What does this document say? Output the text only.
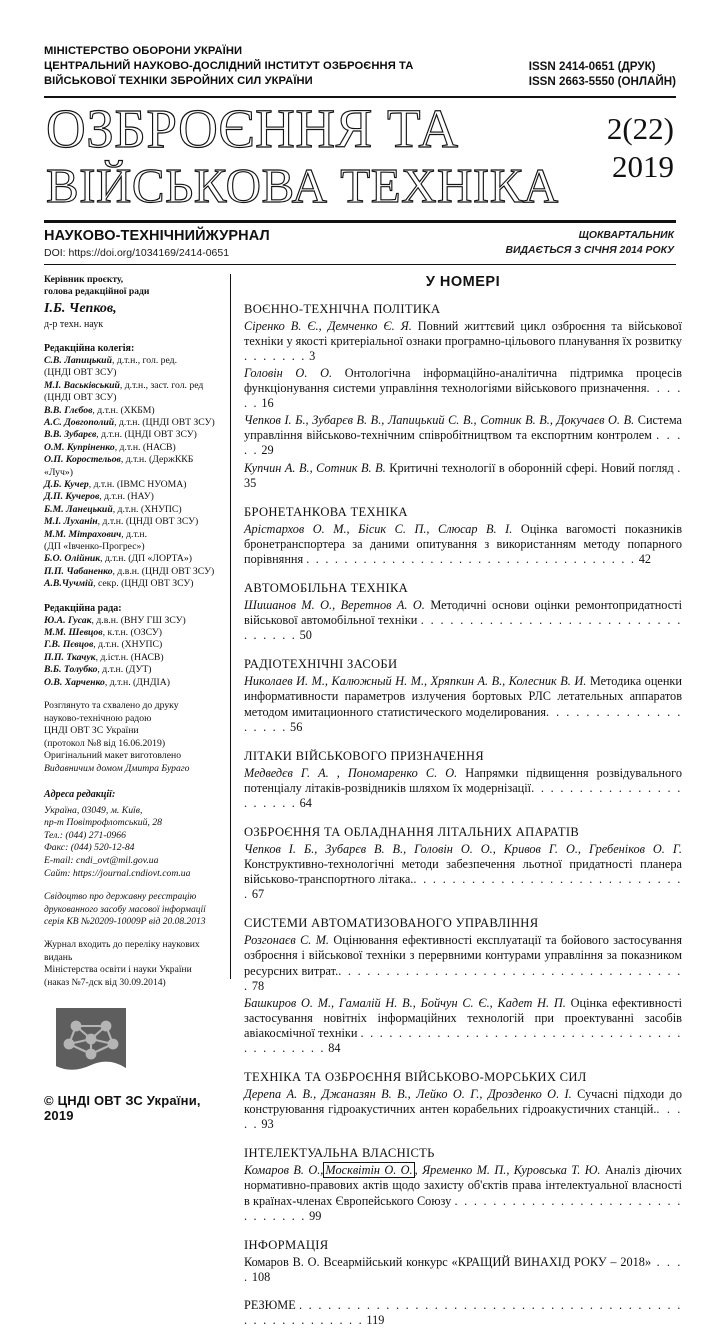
МІНІСТЕРСТВО ОБОРОНИ УКРАЇНИ
ЦЕНТРАЛЬНИЙ НАУКОВО-ДОСЛІДНИЙ ІНСТИТУТ ОЗБРОЄННЯ ТА
ВІЙСЬКОВОЇ ТЕХНІКИ ЗБРОЙНИХ СИЛ УКРАЇНИ
ISSN 2414-0651 (ДРУК)
ISSN 2663-5550 (ОНЛАЙН)
ОЗБРОЄННЯ ТА
ВІЙСЬКОВА ТЕХНІКА
2(22)
2019
НАУКОВО-ТЕХНІЧНИЙЖУРНАЛ
DOI: https://doi.org/1034169/2414-0651
ЩОКВАРТАЛЬНИК
ВИДАЄТЬСЯ З СІЧНЯ 2014 РОКУ
Керівник проєкту,
голова редакційної ради
І.Б. Чепков,
д-р техн. наук
Редакційна колегія:
С.В. Лапицький, д.т.н., гол. ред.
(ЦНДІ ОВТ ЗСУ)
М.І. Васьківський, д.т.н., заст. гол. ред
(ЦНДІ ОВТ ЗСУ)
В.В. Глєбов, д.т.н. (ХКБМ)
А.С. Довгополий, д.т.н. (ЦНДІ ОВТ ЗСУ)
В.В. Зубарєв, д.т.н. (ЦНДІ ОВТ ЗСУ)
О.М. Купріненко, д.т.н. (НАСВ)
О.П. Коростельов, д.т.н. (ДержККБ «Луч»)
Д.Б. Кучер, д.т.н. (ІВМС НУОМА)
Д.П. Кучеров, д.т.н. (НАУ)
Б.М. Ланецький, д.т.н. (ХНУПС)
М.І. Луханін, д.т.н. (ЦНДІ ОВТ ЗСУ)
М.М. Мітрахович, д.т.н.
(ДП «Івченко-Прогрес»)
Б.О. Олійник, д.т.н. (ДП «ЛОРТА»)
П.П. Чабаненко, д.в.н. (ЦНДІ ОВТ ЗСУ)
А.В.Чучмій, секр. (ЦНДІ ОВТ ЗСУ)
Редакційна рада:
Ю.А. Гусак, д.в.н. (ВНУ ГШ ЗСУ)
М.М. Шевцов, к.т.н. (ОЗСУ)
Г.В. Пєвцов, д.т.н. (ХНУПС)
П.П. Ткачук, д.іст.н. (НАСВ)
В.Б. Толубко, д.т.н. (ДУТ)
О.В. Харченко, д.т.н. (ДНДІА)
Розглянуто та схвалено до друку
науково-технічною радою
ЦНДІ ОВТ ЗС України
(протокол №8 від 16.06.2019)
Оригінальний макет виготовлено
Видавничим домом Дмитра Бураго
Адреса редакції:
Україна, 03049, м. Київ,
пр-т Повітрофлотський, 28
Тел.: (044) 271-0966
Факс: (044) 520-12-84
E-mail: cndi_ovt@mil.gov.ua
Сайт: https://journal.cndiovt.com.ua
Свідоцтво про державну реєстрацію
друкованного засобу масової інформації
серія КВ №20209-10009Р від 20.08.2013
Журнал входить до переліку наукових видань
Міністерства освіти і науки України
(наказ №7-дск від 30.09.2014)
© ЦНДІ ОВТ ЗС України, 2019
У НОМЕРІ
ВОЄННО-ТЕХНІЧНА ПОЛІТИКА
Сіренко В. Є., Демченко Є. Я. Повний життєвий цикл озброєння та військової техніки у якості критеріальної ознаки програмно-цільового планування їх розвитку . . . . . . . 3
Головін О. О. Онтологічна інформаційно-аналітична підтримка процесів функціонування системи управління технологіями військового призначення. . . . . . 16
Чепков І. Б., Зубарєв В. В., Лапицький С. В., Сотник В. В., Докучаєв О. В. Система управління військово-технічним співробітництвом та експортним контролем . . . . . 29
Купчин А. В., Сотник В. В. Критичні технології в обороннiй сфері. Новий погляд . 35
БРОНЕТАНКОВА ТЕХНІКА
Арістархов О. М., Бісик С. П., Слюсар В. І. Оцінка вагомості показників бронетранспортера за даними опитування з використанням методу попарного порівняння . . . . . . . . . . . . . . . . . . . . . . . . . . . . . . . . . . . 42
АВТОМОБІЛЬНА ТЕХНІКА
Шишанов М. О., Веретнов А. О. Методичні основи оцінки ремонтопридатності військової автомобільної техніки . . . . . . . . . . . . . . . . . . . . . . . . . . . . . . . . . 50
РАДІОТЕХНІЧНІ ЗАСОБИ
Николаев И. М., Калюжный Н. М., Хряпкин А. В., Колесник В. И. Методика оценки информативности параметров излучения бортовых РЛС летательных аппаратов методом имитационного статистического моделирования. . . . . . . . . . . . . . . . . . . 56
ЛІТАКИ ВІЙСЬКОВОГО ПРИЗНАЧЕННЯ
Медведєв Г. А. , Пономаренко С. О. Напрямки підвищення розвідувального потенціалу літаків-розвідників шляхом їх модернізації. . . . . . . . . . . . . . . . . . . . . . 64
ОЗБРОЄННЯ ТА ОБЛАДНАННЯ ЛІТАЛЬНИХ АПАРАТІВ
Чепков І. Б., Зубарєв В. В., Головін О. О., Кривов Г. О., Гребеніков О. Г. Конструктивно-технологічні методи забезпечення льотної придатності планера військово-транспортного літака.. . . . . . . . . . . . . . . . . . . . . . . . . . . . . 67
СИСТЕМИ АВТОМАТИЗОВАНОГО УПРАВЛІННЯ
Розгонаєв С. М. Оцінювання ефективності експлуатації та бойового застосування озброєння і військової техніки з перервними контурами управління за показником ресурсних витрат.. . . . . . . . . . . . . . . . . . . . . . . . . . . . . . . . . . . . . 78
Башкиров О. М., Гамалій Н. В., Бойчун С. Є., Кадет Н. П. Оцінка ефективності застосування новітніх інформаційних технологій при проектуванні засобів авіакосмічної техніки . . . . . . . . . . . . . . . . . . . . . . . . . . . . . . . . . . . . . . . . . . . 84
ТЕХНІКА ТА ОЗБРОЄННЯ ВІЙСЬКОВО-МОРСЬКИХ СИЛ
Дерепа А. В., Джаназян В. В., Лейко О. Г., Дрозденко О. І. Сучасні підходи до конструювання гідроакустичних антен корабельних гідроакустичних станцій.. . . . . 93
ІНТЕЛЕКТУАЛЬНА ВЛАСНІСТЬ
Комаров В. О., Москвітін О. О. , Яременко М. П., Куровська Т. Ю. Аналіз діючих нормативно-правових актів щодо захисту об'єктів права інтелектуальної власності в країнах-членах Європейського Союзу . . . . . . . . . . . . . . . . . . . . . . . . . . . . . . . 99
ІНФОРМАЦІЯ
Комаров В. О. Всеармійський конкурс «КРАЩИЙ ВИНАХІД РОКУ – 2018» . . . . 108
РЕЗЮМЕ . . . . . . . . . . . . . . . . . . . . . . . . . . . . . . . . . . . . . . . . . . . . . . . . . . . . . 119
